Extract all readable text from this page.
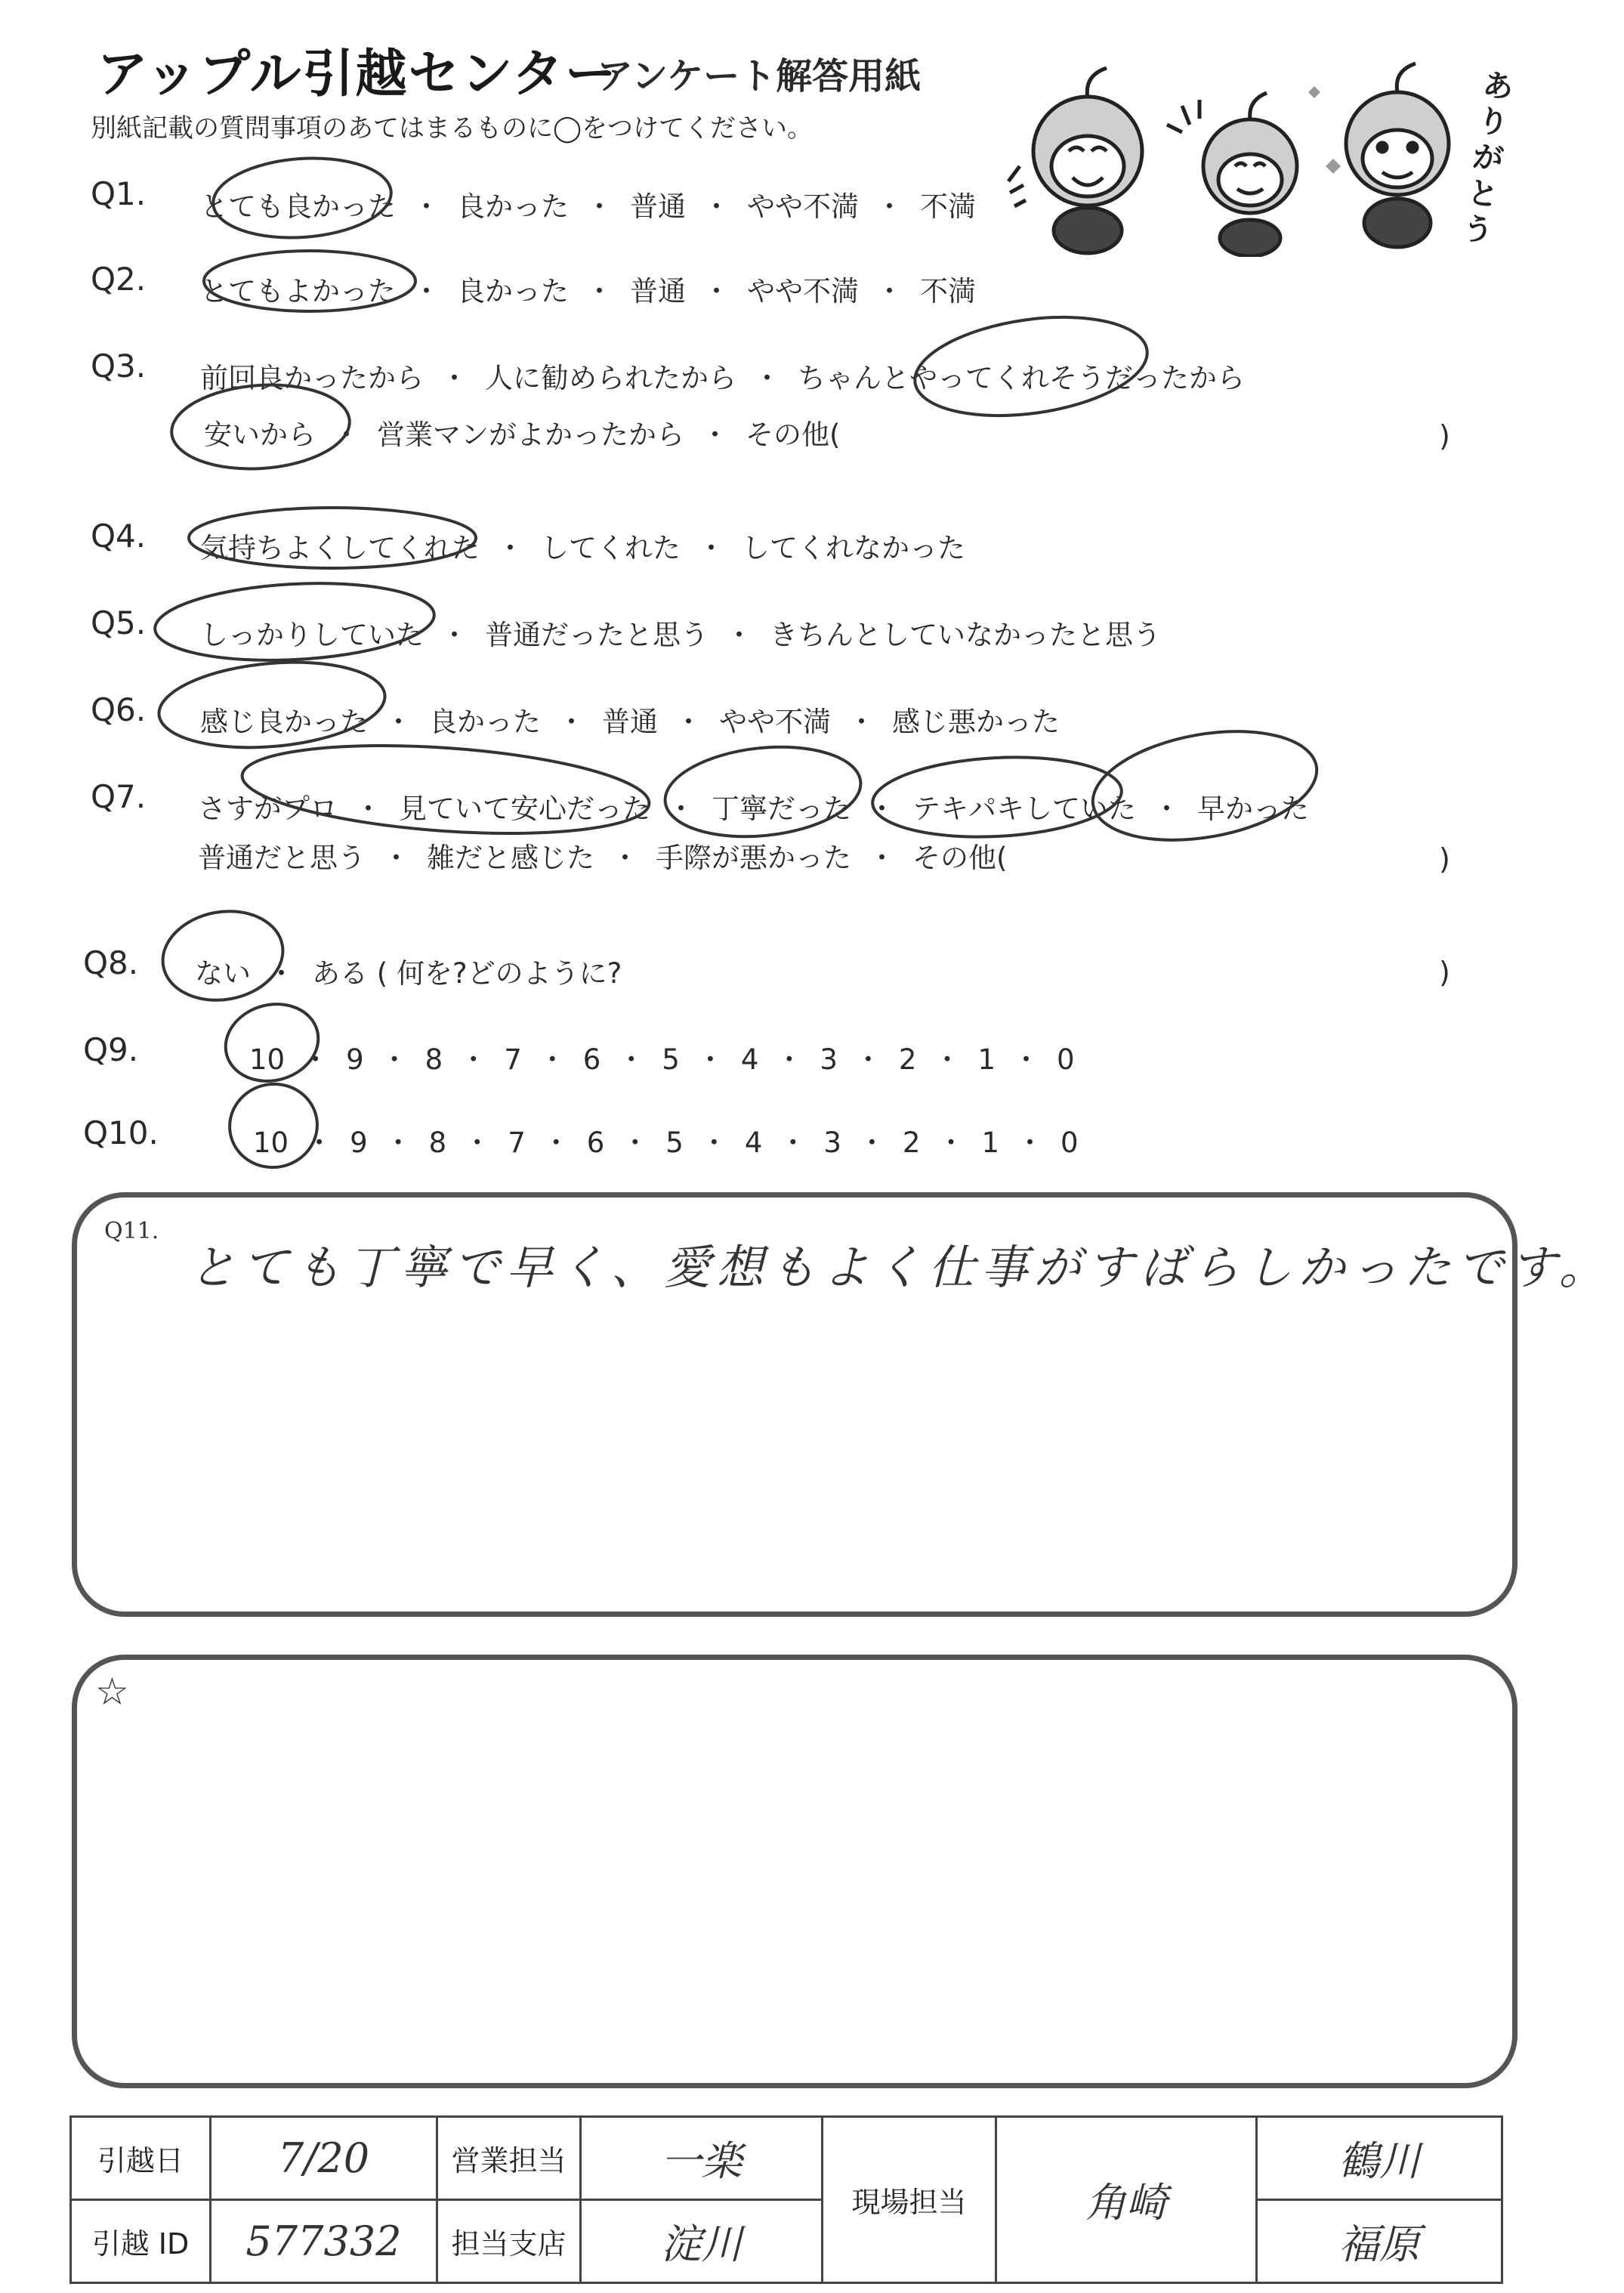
アップル引越センター
アンケート解答用紙
別紙記載の質問事項のあてはまるものに◯をつけてください。
ありがとう
Q1. とても良かった ・ 良かった ・ 普通 ・ やや不満 ・ 不満
Q2. とてもよかった ・ 良かった ・ 普通 ・ やや不満 ・ 不満
Q3. 前回良かったから ・ 人に勧められたから ・ ちゃんとやってくれそうだったから
安いから ・ 営業マンがよかったから ・ その他(	)
Q4. 気持ちよくしてくれた ・ してくれた ・ してくれなかった
Q5. しっかりしていた ・ 普通だったと思う ・ きちんとしていなかったと思う
Q6. 感じ良かった ・ 良かった ・ 普通 ・ やや不満 ・ 感じ悪かった
Q7. さすがプロ ・ 見ていて安心だった ・ 丁寧だった ・ テキパキしていた ・ 早かった
普通だと思う ・ 雑だと感じた ・ 手際が悪かった ・ その他(	)
Q8. ない ・ ある ( 何を?どのように?	)
Q9.	10 ・ 9 ・ 8 ・ 7 ・ 6 ・ 5 ・ 4 ・ 3 ・ 2 ・ 1 ・ 0
Q10.	10 ・ 9 ・ 8 ・ 7 ・ 6 ・ 5 ・ 4 ・ 3 ・ 2 ・ 1 ・ 0
Q11.
とても丁寧で早く、愛想もよく仕事がすばらしかったです。
☆
引越日	7/20	営業担当	一楽	現場担当	角崎	鶴川
引越 ID	577332	担当支店	淀川			福原
